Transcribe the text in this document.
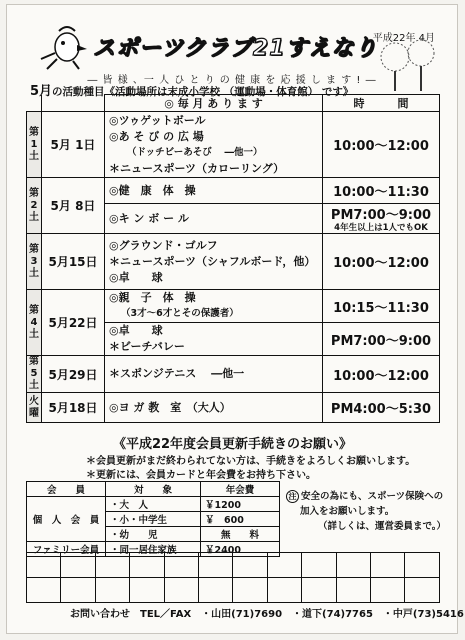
平成22年 4月
スポーツクラブ21すえなり
― 皆 様 、一 人 ひ と り の 健 康 を 応 援 し ま す ! ―
5月の活動種目《活動場所は末成小学校 （運動場・体育館） です》
		◎ 毎 月 あ り ま す	時　　　間
第1土	5月 1日	◎ツゥゲットボール
◎あ そ び の 広 場
（ドッチビーあそび　 ―他一）
＊ニュースポーツ（カローリング）	10:00～12:00
第2土	5月 8日	◎健　康　体　操	10:00～11:30
		◎キ ン ボ ー ル	PM7:00～9:00
4年生以上は1人でもOK

第3土	5月15日	◎グラウンド・ゴルフ
＊ニュースポーツ（シャフルボード，他）
◎卓　　球	10:00～12:00
第4土	5月22日	◎親　子　体　操
（3才～6才とその保護者）	10:15～11:30

		◎卓　　球
＊ビーチバレー	PM7:00～9:00
第5土	5月29日	＊スポンジテニス　 ―他一	10:00～12:00
火曜	5月18日	◎ヨ ガ 教　室　（大人）	PM4:00～5:30
《平成22年度会員更新手続きのお願い》
＊会員更新がまだ終わられてない方は、手続きをよろしくお願いします。
＊更新には、会員カードと年会費をお持ち下さい。
会　　員	対　　象	年会費
個　人　会　員	・大　人	￥1200
	・小・中学生	￥　600
	・幼　　児	無　　料
ファミリー会員	・同一居住家族	￥2400
注 安全の為にも、スポーツ保険への
加入をお願いします。
（詳しくは、運営委員まで。）

お問い合わせ　TEL／FAX　・山田(71)7690　・道下(74)7765　・中戸(73)5416
